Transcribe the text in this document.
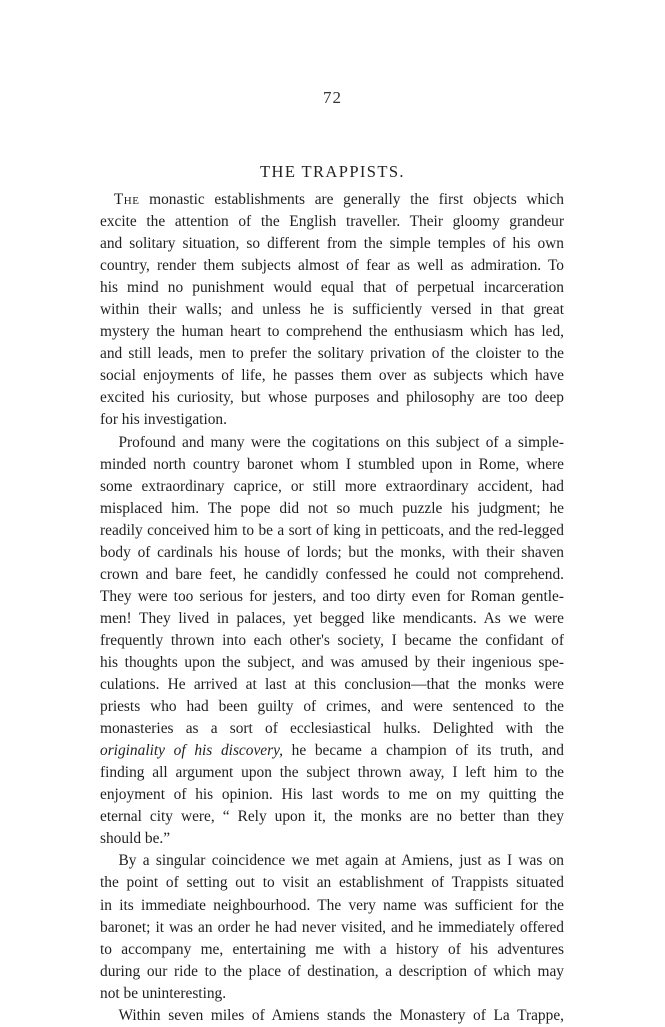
72
THE TRAPPISTS.
The monastic establishments are generally the first objects which
excite the attention of the English traveller. Their gloomy grandeur
and solitary situation, so different from the simple temples of his own
country, render them subjects almost of fear as well as admiration. To
his mind no punishment would equal that of perpetual incarceration
within their walls; and unless he is sufficiently versed in that great
mystery the human heart to comprehend the enthusiasm which has led,
and still leads, men to prefer the solitary privation of the cloister to the
social enjoyments of life, he passes them over as subjects which have
excited his curiosity, but whose purposes and philosophy are too deep
for his investigation.
Profound and many were the cogitations on this subject of a simple-
minded north country baronet whom I stumbled upon in Rome, where
some extraordinary caprice, or still more extraordinary accident, had
misplaced him. The pope did not so much puzzle his judgment; he
readily conceived him to be a sort of king in petticoats, and the red-legged
body of cardinals his house of lords; but the monks, with their shaven
crown and bare feet, he candidly confessed he could not comprehend.
They were too serious for jesters, and too dirty even for Roman gentle-
men! They lived in palaces, yet begged like mendicants. As we were
frequently thrown into each other's society, I became the confidant of
his thoughts upon the subject, and was amused by their ingenious spe-
culations. He arrived at last at this conclusion—that the monks were
priests who had been guilty of crimes, and were sentenced to the
monasteries as a sort of ecclesiastical hulks. Delighted with the
originality of his discovery, he became a champion of its truth, and
finding all argument upon the subject thrown away, I left him to the
enjoyment of his opinion. His last words to me on my quitting the
eternal city were, “ Rely upon it, the monks are no better than they
should be.”
By a singular coincidence we met again at Amiens, just as I was on
the point of setting out to visit an establishment of Trappists situated
in its immediate neighbourhood. The very name was sufficient for the
baronet; it was an order he had never visited, and he immediately offered
to accompany me, entertaining me with a history of his adventures
during our ride to the place of destination, a description of which may
not be uninteresting.
Within seven miles of Amiens stands the Monastery of La Trappe,
